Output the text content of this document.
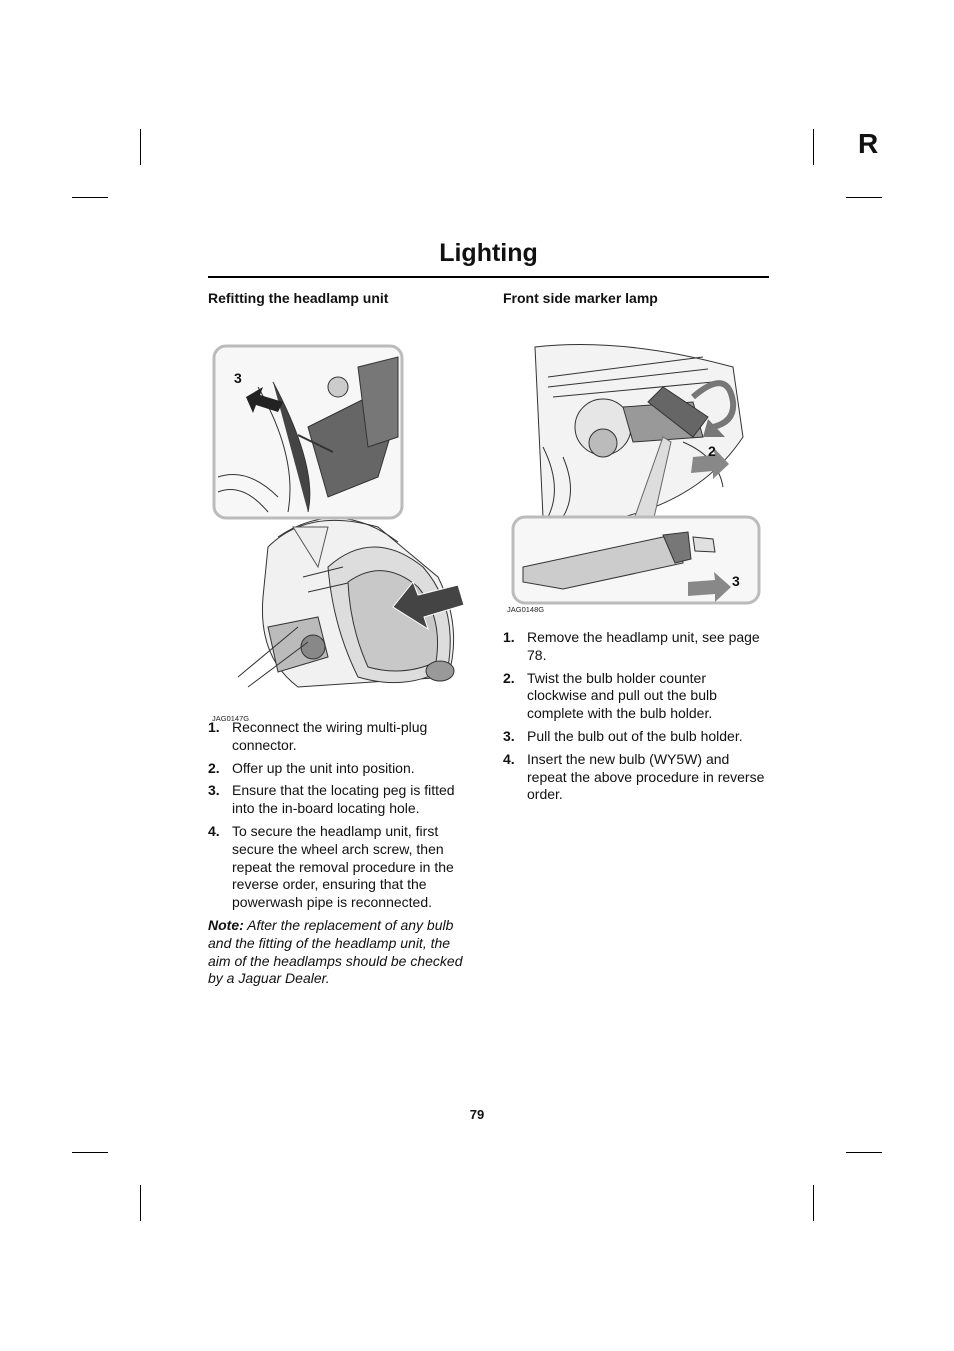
R
Lighting
Refitting the headlamp unit
3
JAG0147G
1. Reconnect the wiring multi-plug connector.
2. Offer up the unit into position.
3. Ensure that the locating peg is fitted into the in-board locating hole.
4. To secure the headlamp unit, first secure the wheel arch screw, then repeat the removal procedure in the reverse order, ensuring that the powerwash pipe is reconnected.

Note: After the replacement of any bulb and the fitting of the headlamp unit, the aim of the headlamps should be checked by a Jaguar Dealer.

Front side marker lamp
2
3
JAG0148G
1. Remove the headlamp unit, see page 78.
2. Twist the bulb holder counter clockwise and pull out the bulb complete with the bulb holder.
3. Pull the bulb out of the bulb holder.
4. Insert the new bulb (WY5W) and repeat the above procedure in reverse order.
79
